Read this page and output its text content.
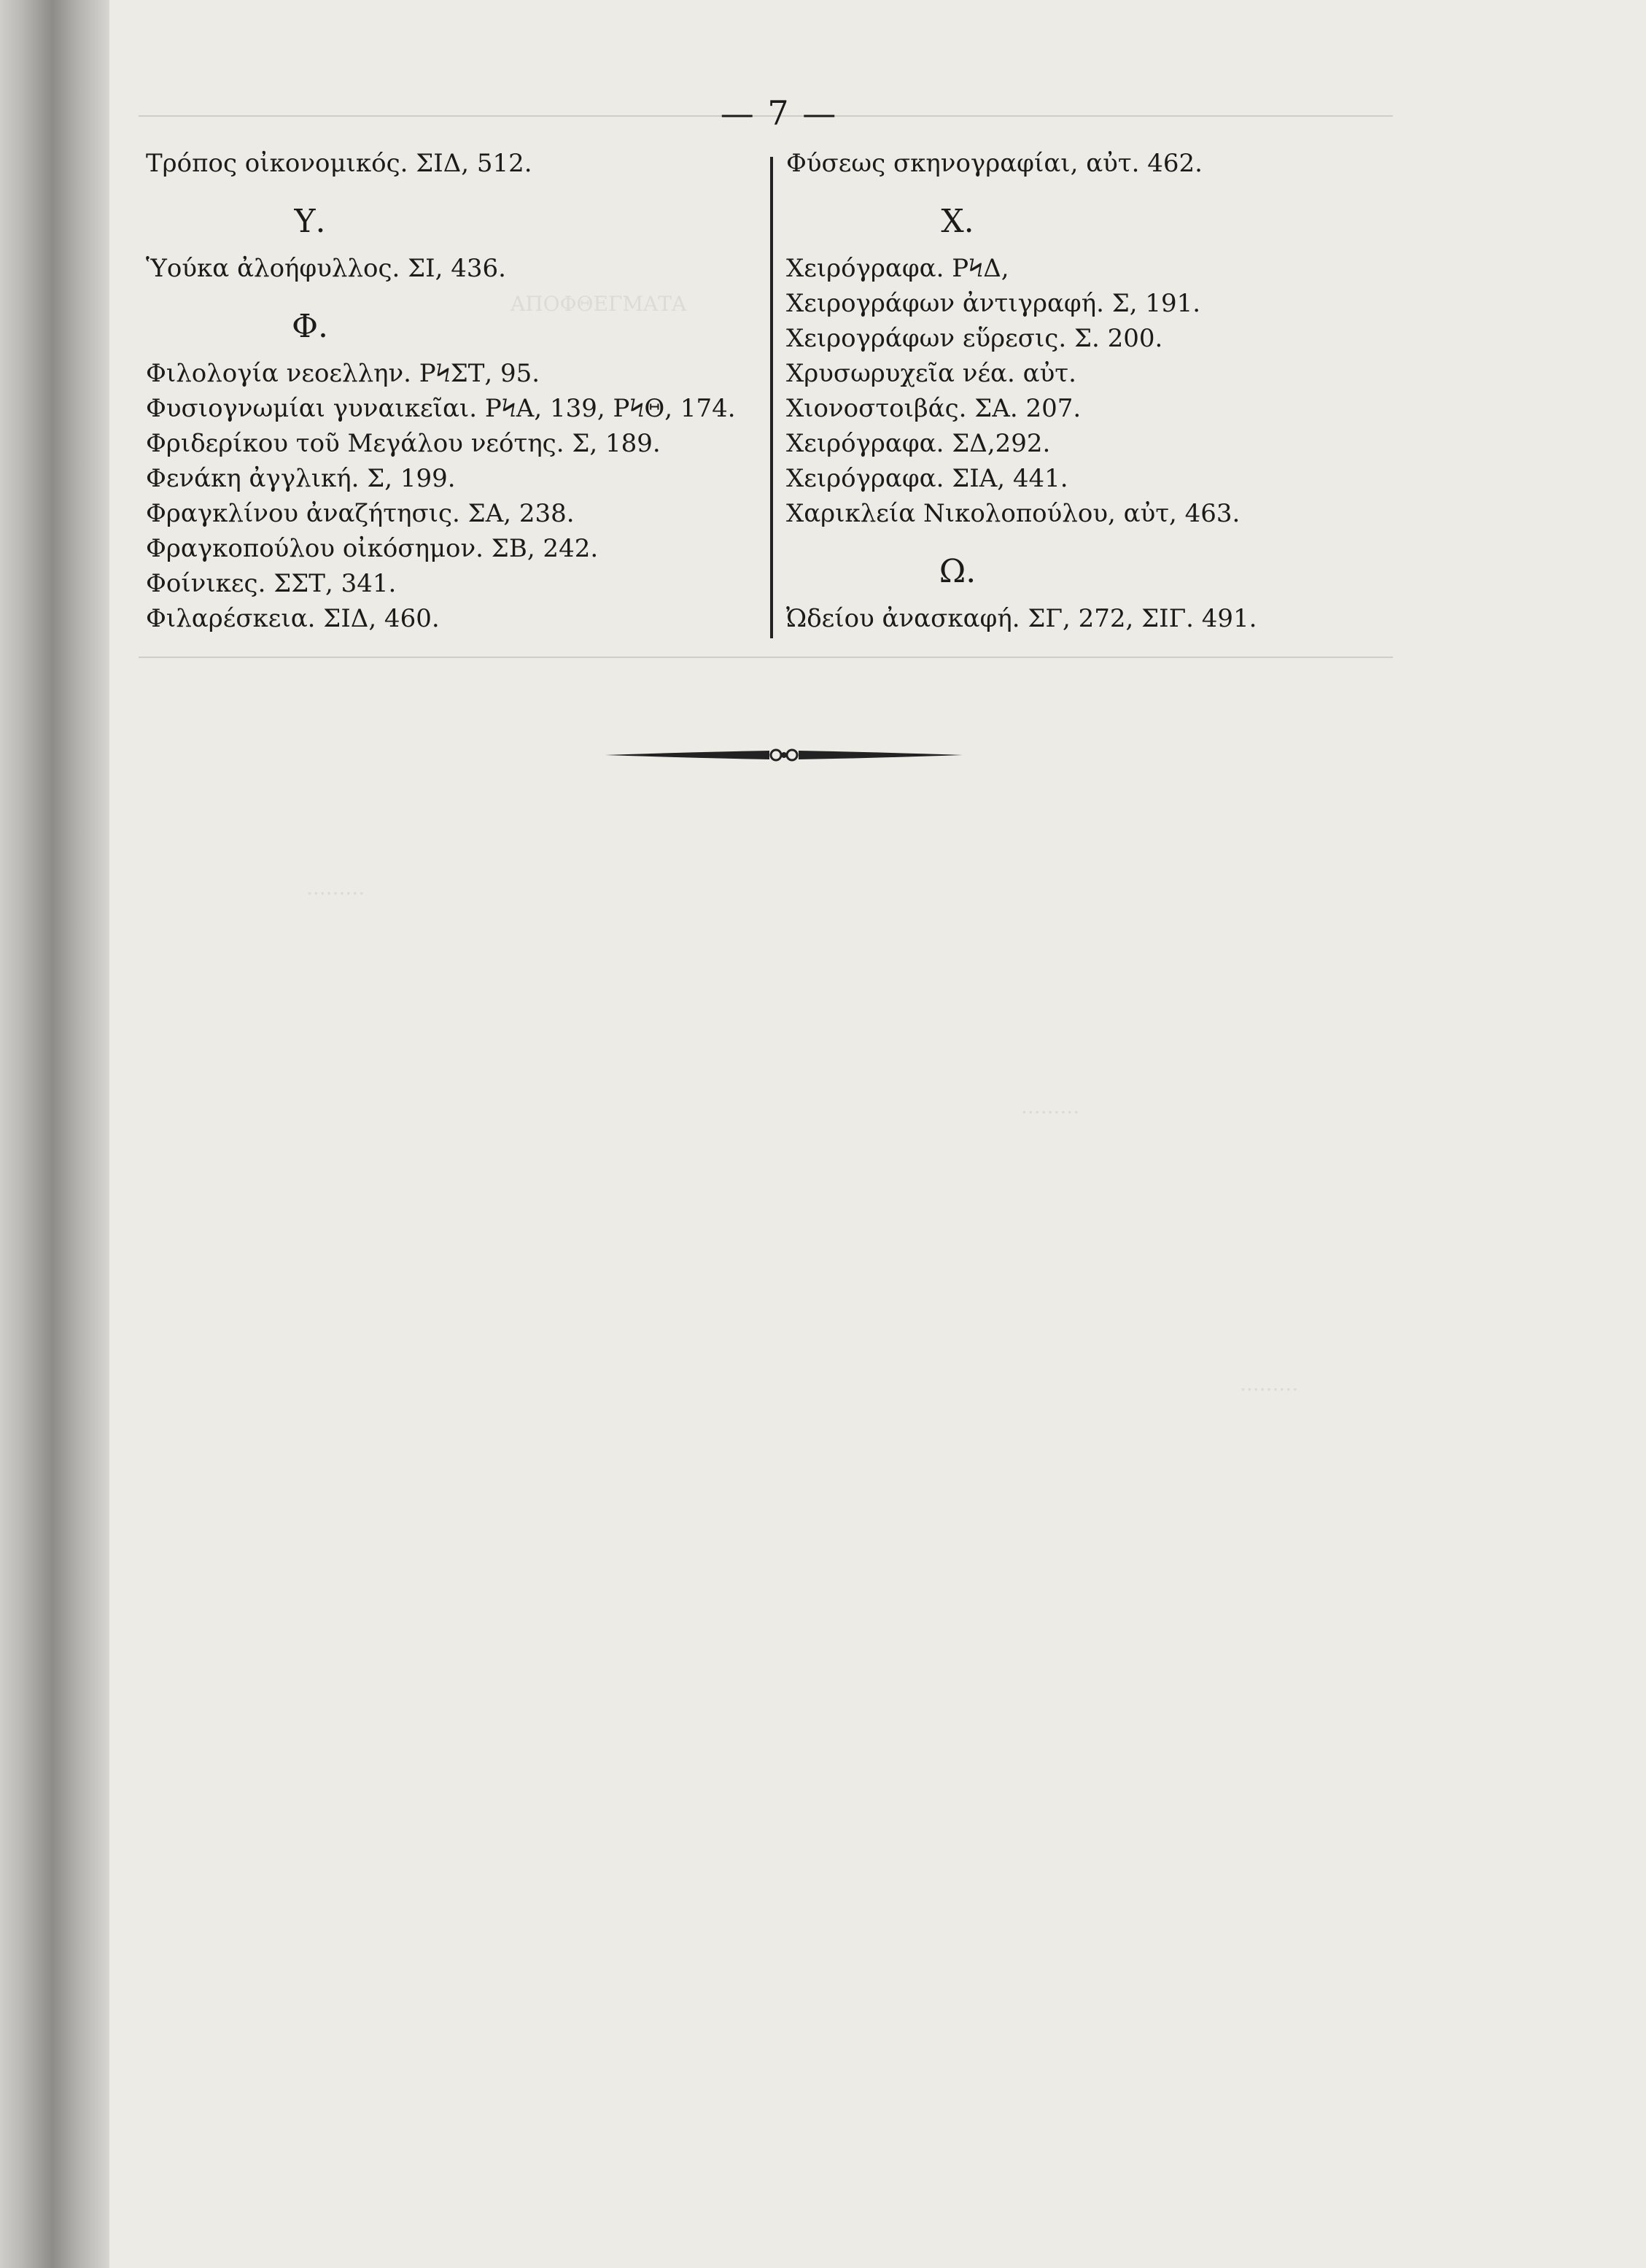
ΑΠΟΦΘΕΓΜΑΤΑ
.........
.........
.........
— 7 —
Τρόπος οἰκονομικός. ΣΙΔ, 512.
Υ.
Ὑούκα ἀλοήφυλλος. ΣΙ, 436.
Φ.
Φιλολογία νεοελλην. ΡϞΣΤ, 95.
Φυσιογνωμίαι γυναικεῖαι. ΡϞΑ, 139, ΡϞΘ, 174.
Φριδερίκου τοῦ Μεγάλου νεότης. Σ, 189.
Φενάκη ἀγγλική. Σ, 199.
Φραγκλίνου ἀναζήτησις. ΣΑ, 238.
Φραγκοπούλου οἰκόσημον. ΣΒ, 242.
Φοίνικες. ΣΣΤ, 341.
Φιλαρέσκεια. ΣΙΔ, 460.
Φύσεως σκηνογραφίαι, αὐτ. 462.
Χ.
Χειρόγραφα. ΡϞΔ,
Χειρογράφων ἀντιγραφή. Σ, 191.
Χειρογράφων εὕρεσις. Σ. 200.
Χρυσωρυχεῖα νέα. αὐτ.
Χιονοστοιβάς. ΣΑ. 207.
Χειρόγραφα. ΣΔ,292.
Χειρόγραφα. ΣΙΑ, 441.
Χαρικλεία Νικολοπούλου, αὐτ, 463.
Ω.
Ὠδείου ἀνασκαφή. ΣΓ, 272, ΣΙΓ. 491.
